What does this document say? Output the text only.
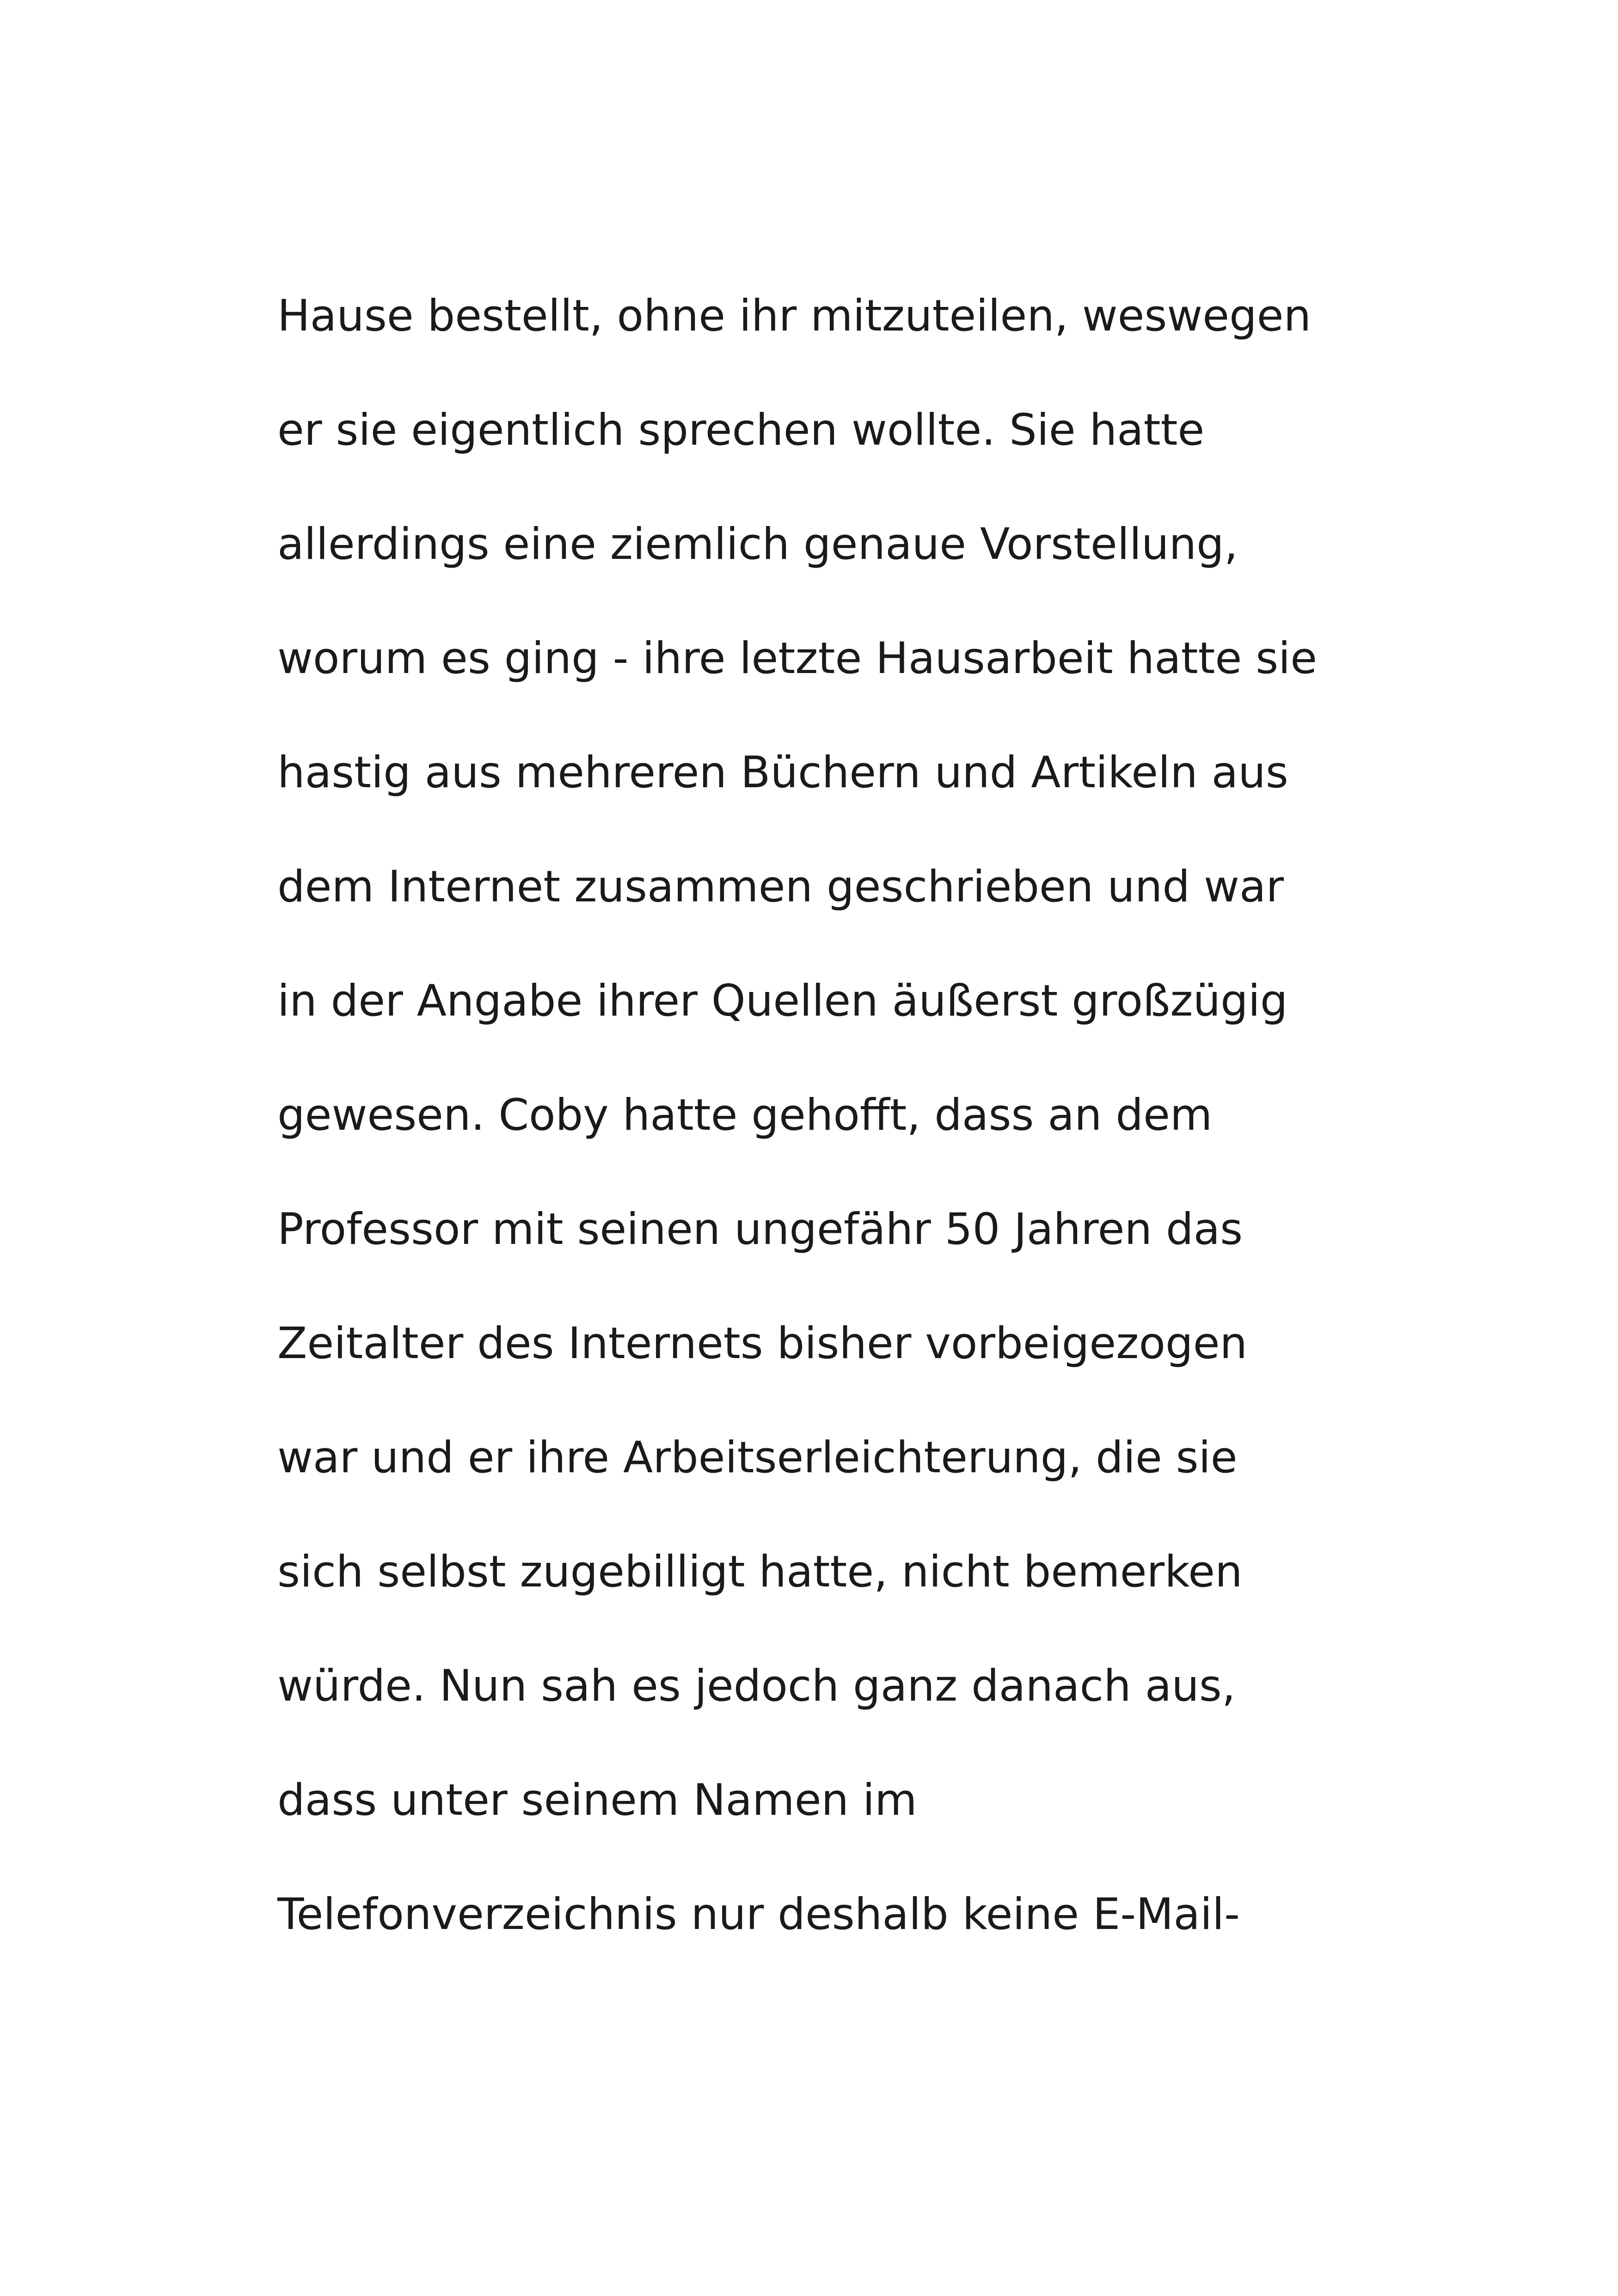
Hause bestellt, ohne ihr mitzuteilen, weswegen
er sie eigentlich sprechen wollte. Sie hatte
allerdings eine ziemlich genaue Vorstellung,
worum es ging - ihre letzte Hausarbeit hatte sie
hastig aus mehreren Büchern und Artikeln aus
dem Internet zusammen geschrieben und war
in der Angabe ihrer Quellen äußerst großzügig
gewesen. Coby hatte gehofft, dass an dem
Professor mit seinen ungefähr 50 Jahren das
Zeitalter des Internets bisher vorbeigezogen
war und er ihre Arbeitserleichterung, die sie
sich selbst zugebilligt hatte, nicht bemerken
würde. Nun sah es jedoch ganz danach aus,
dass unter seinem Namen im
Telefonverzeichnis nur deshalb keine E-Mail-
